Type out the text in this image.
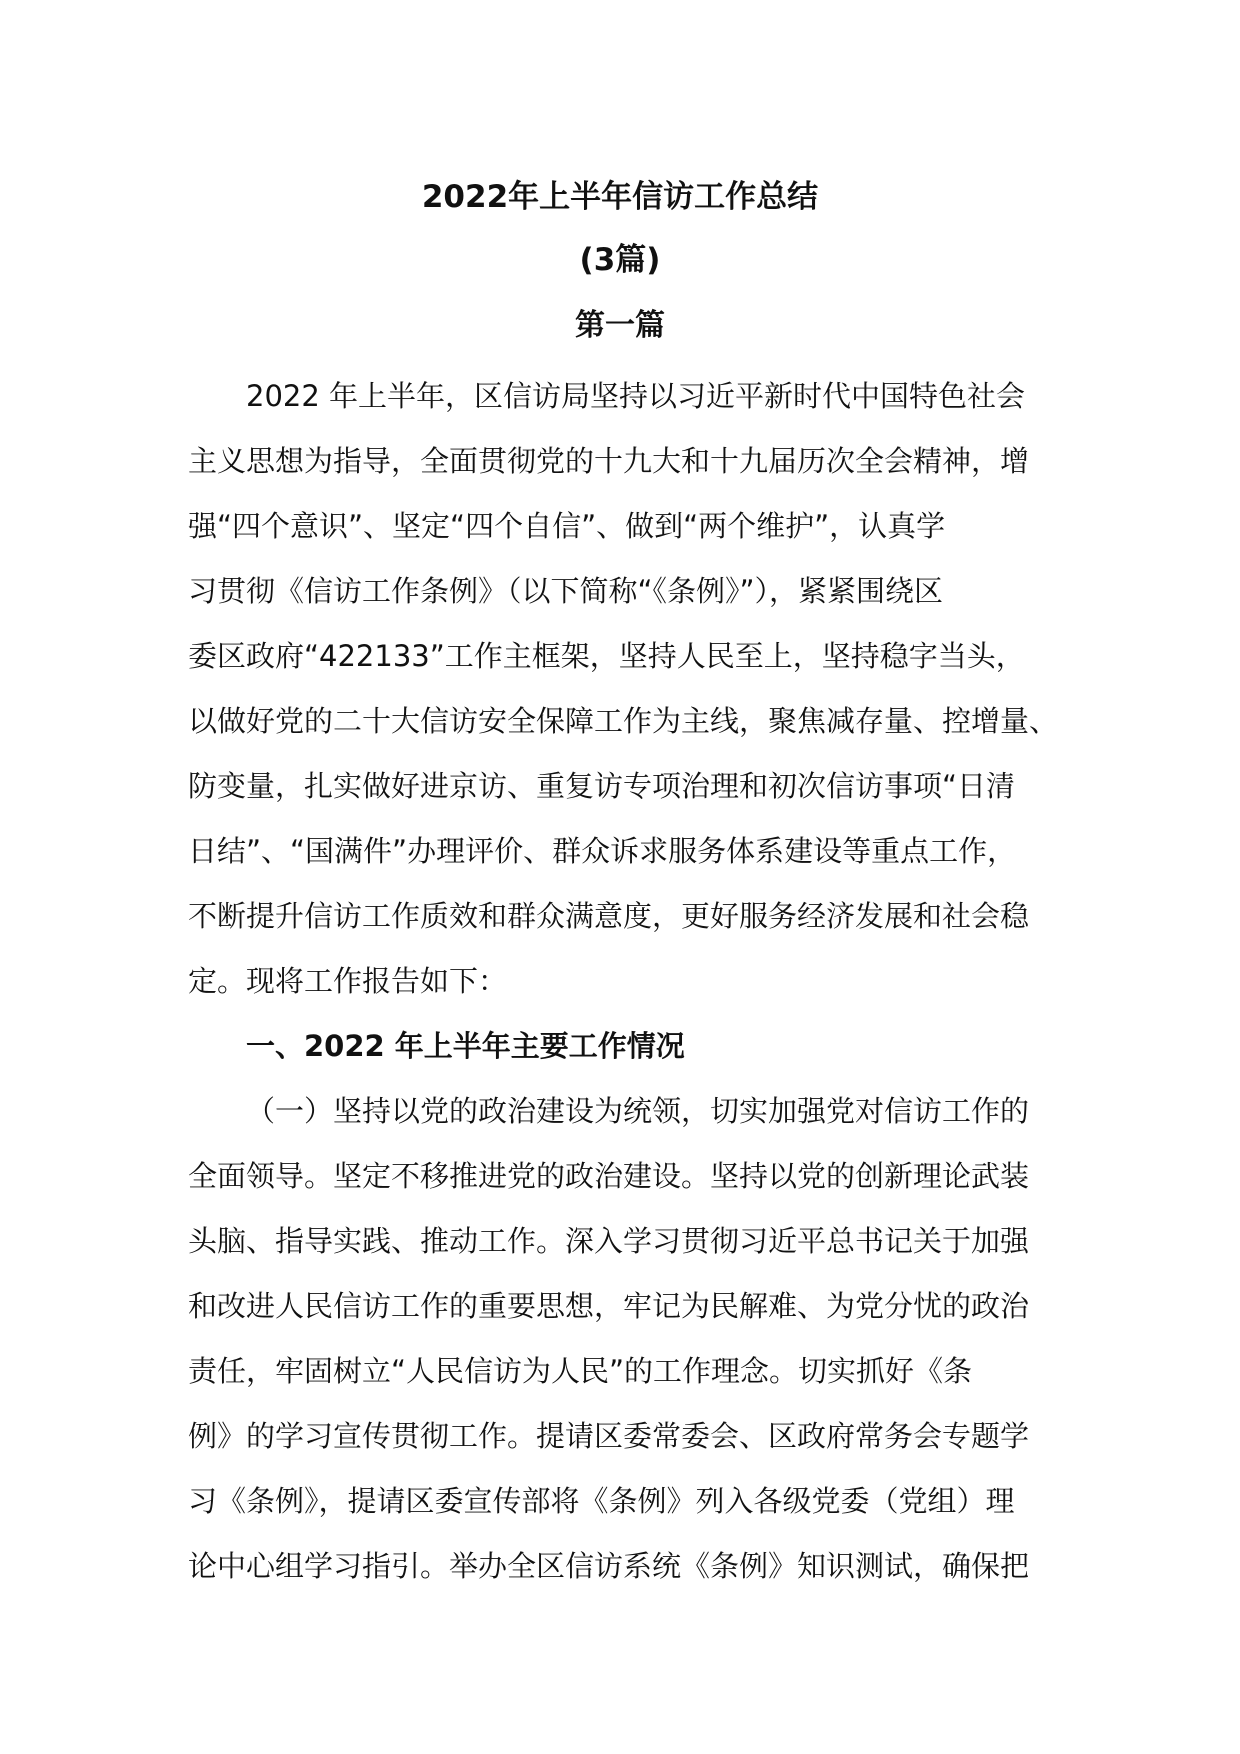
2022年上半年信访工作总结
(3篇)
第一篇

2022 年上半年，区信访局坚持以习近平新时代中国特色社会

主义思想为指导，全面贯彻党的十九大和十九届历次全会精神，增

强“四个意识”、坚定“四个自信”、做到“两个维护”，认真学

习贯彻《信访工作条例》（以下简称“《条例》”），紧紧围绕区

委区政府“422133”工作主框架，坚持人民至上，坚持稳字当头，

以做好党的二十大信访安全保障工作为主线，聚焦减存量、控增量、

防变量，扎实做好进京访、重复访专项治理和初次信访事项“日清

日结”、“国满件”办理评价、群众诉求服务体系建设等重点工作，

不断提升信访工作质效和群众满意度，更好服务经济发展和社会稳

定。现将工作报告如下：

一、2022 年上半年主要工作情况

（一）坚持以党的政治建设为统领，切实加强党对信访工作的

全面领导。坚定不移推进党的政治建设。坚持以党的创新理论武装

头脑、指导实践、推动工作。深入学习贯彻习近平总书记关于加强

和改进人民信访工作的重要思想，牢记为民解难、为党分忧的政治

责任，牢固树立“人民信访为人民”的工作理念。切实抓好《条

例》的学习宣传贯彻工作。提请区委常委会、区政府常务会专题学

习《条例》，提请区委宣传部将《条例》列入各级党委（党组）理

论中心组学习指引。举办全区信访系统《条例》知识测试，确保把
